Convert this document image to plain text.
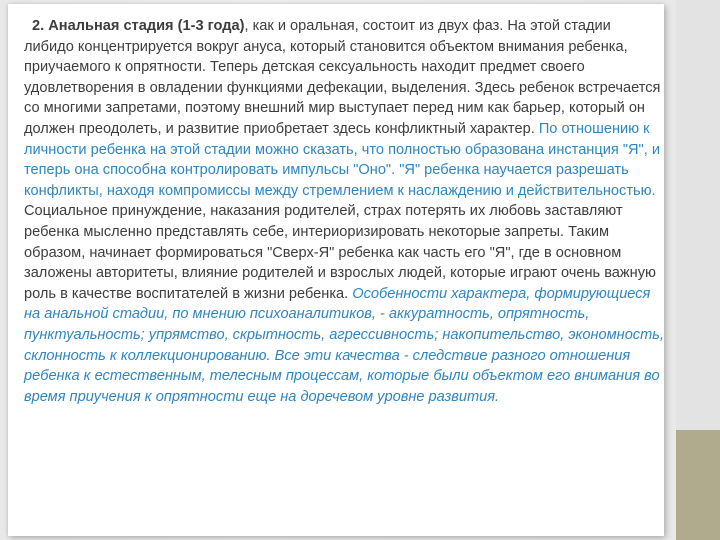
2. Анальная стадия (1-3 года), как и оральная, состоит из двух фаз. На этой стадии либидо концентрируется вокруг ануса, который становится объектом внимания ребенка, приучаемого к опрятности. Теперь детская сексуальность находит предмет своего удовлетворения в овладении функциями дефекации, выделения. Здесь ребенок встречается со многими запретами, поэтому внешний мир выступает перед ним как барьер, который он должен преодолеть, и развитие приобретает здесь конфликтный характер. По отношению к личности ребенка на этой стадии можно сказать, что полностью образована инстанция "Я", и теперь она способна контролировать импульсы "Оно". "Я" ребенка научается разрешать конфликты, находя компромиссы между стремлением к наслаждению и действительностью. Социальное принуждение, наказания родителей, страх потерять их любовь заставляют ребенка мысленно представлять себе, интериоризировать некоторые запреты. Таким образом, начинает формироваться "Сверх-Я" ребенка как часть его "Я", где в основном заложены авторитеты, влияние родителей и взрослых людей, которые играют очень важную роль в качестве воспитателей в жизни ребенка. Особенности характера, формирующиеся на анальной стадии, по мнению психоаналитиков, - аккуратность, опрятность, пунктуальность; упрямство, скрытность, агрессивность; накопительство, экономность, склонность к коллекционированию. Все эти качества - следствие разного отношения ребенка к естественным, телесным процессам, которые были объектом его внимания во время приучения к опрятности еще на доречевом уровне развития.
